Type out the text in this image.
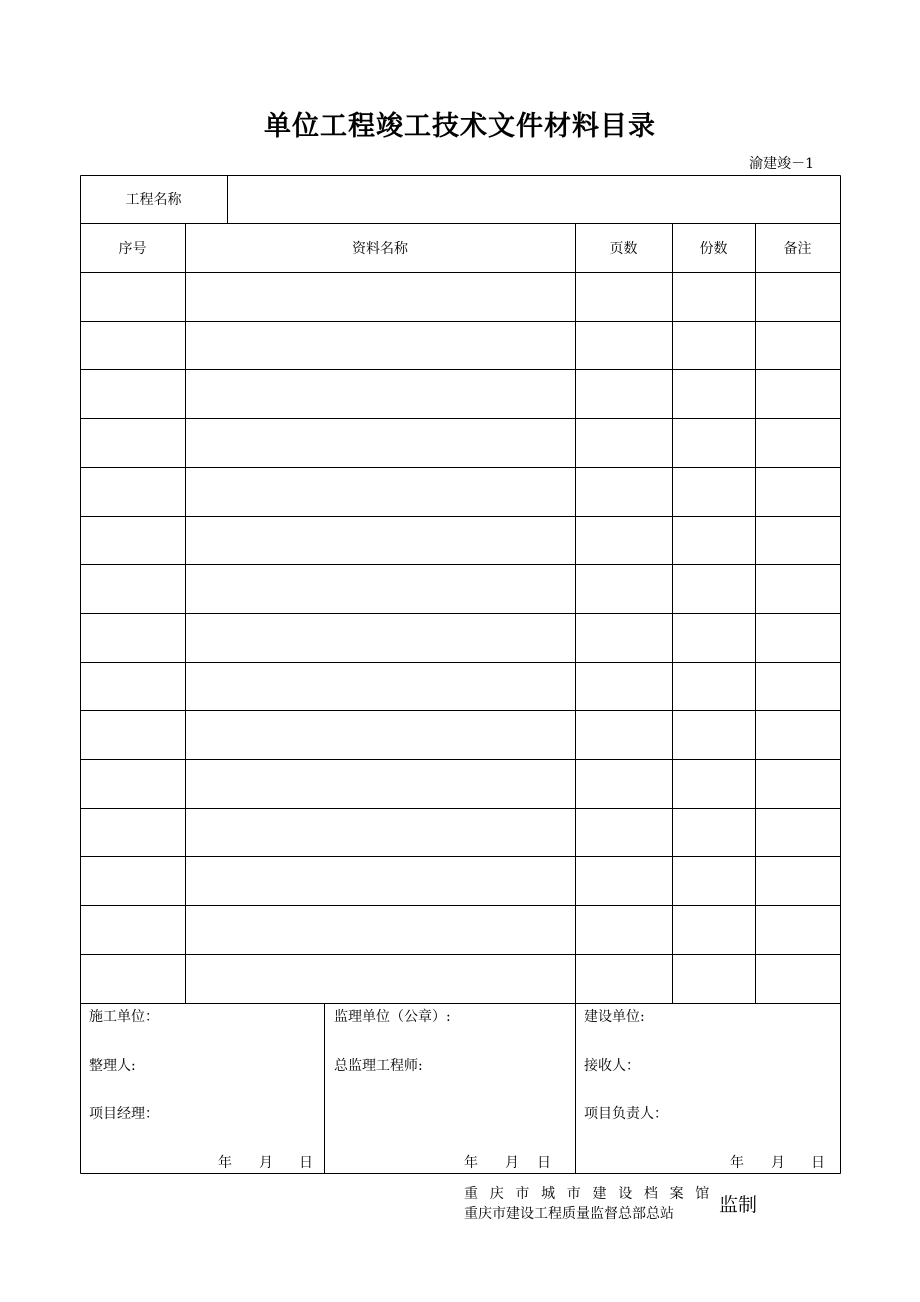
单位工程竣工技术文件材料目录
渝建竣－1
工程名称
序号	资料名称	页数	份数	备注
施工单位：
整理人:
项目经理：
监理单位（公章）:
总监理工程师:
建设单位:
接收人：
项目负责人：
年 月 日	年 月 日	年 月 日
重庆市城市建设档案馆
重庆市建设工程质量监督总部总站 监制
